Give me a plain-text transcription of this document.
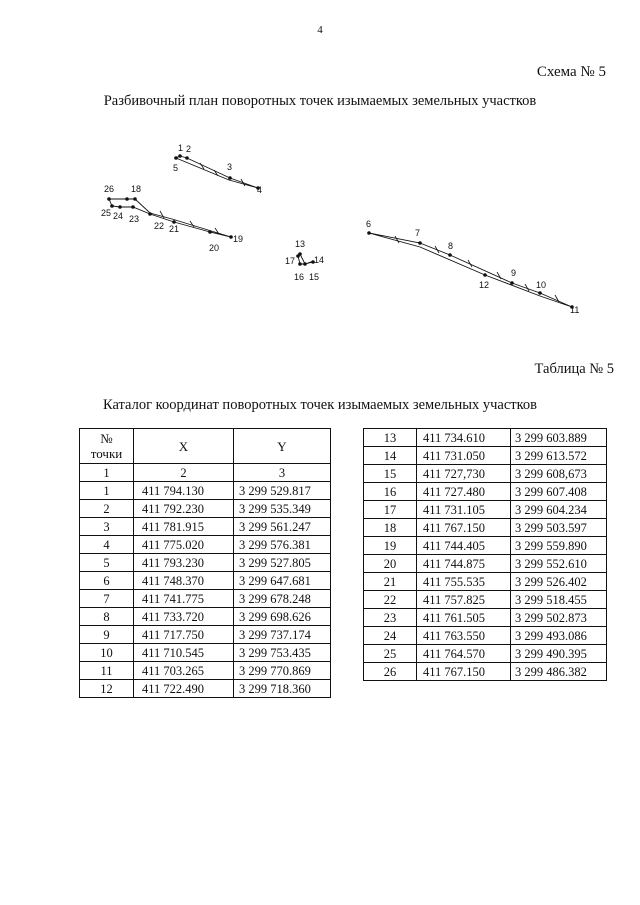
4
Схема № 5
Разбивочный план поворотных точек изымаемых земельных участков
1 2
3
4
5
6
7
8
9
10
11
12
13
14
15
16
17
18
19
20
21
22
23
24
25
26
Таблица № 5
Каталог координат поворотных точек изымаемых земельных участков
№
точки	X	Y
1	2	3
1	411 794.130	3 299 529.817
2	411 792.230	3 299 535.349
3	411 781.915	3 299 561.247
4	411 775.020	3 299 576.381
5	411 793.230	3 299 527.805
6	411 748.370	3 299 647.681
7	411 741.775	3 299 678.248
8	411 733.720	3 299 698.626
9	411 717.750	3 299 737.174
10	411 710.545	3 299 753.435
11	411 703.265	3 299 770.869
12	411 722.490	3 299 718.360
13	411 734.610	3 299 603.889
14	411 731.050	3 299 613.572
15	411 727,730	3 299 608,673
16	411 727.480	3 299 607.408
17	411 731.105	3 299 604.234
18	411 767.150	3 299 503.597
19	411 744.405	3 299 559.890
20	411 744.875	3 299 552.610
21	411 755.535	3 299 526.402
22	411 757.825	3 299 518.455
23	411 761.505	3 299 502.873
24	411 763.550	3 299 493.086
25	411 764.570	3 299 490.395
26	411 767.150	3 299 486.382
